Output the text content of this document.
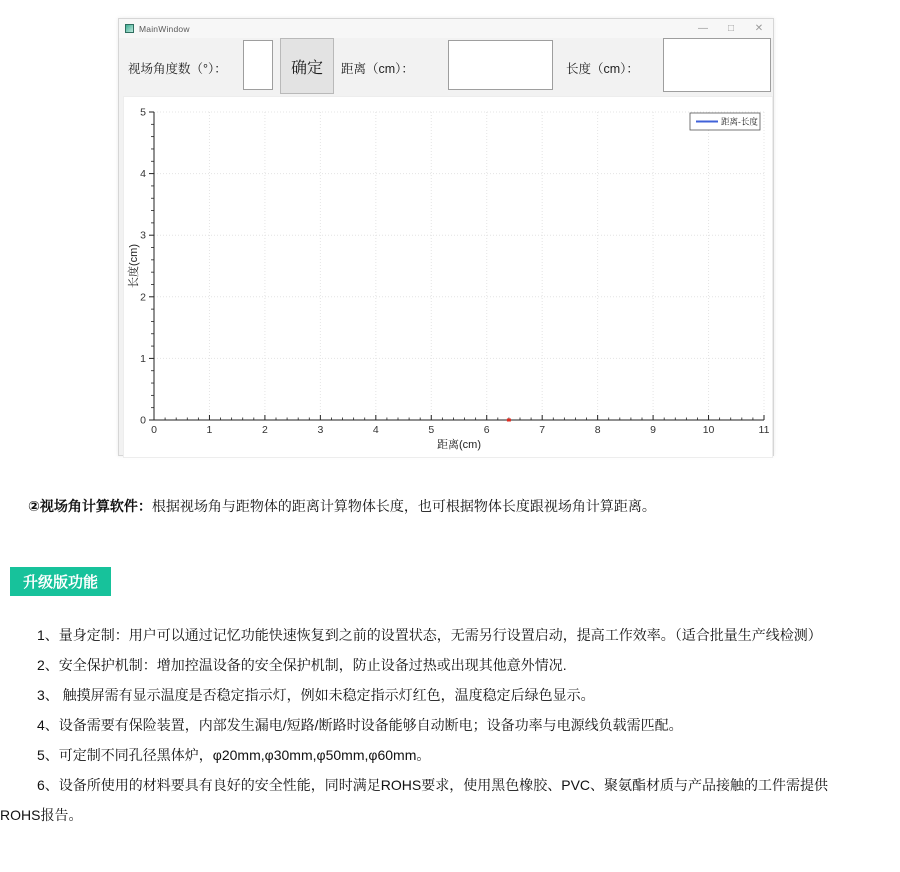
MainWindow	—	□	✕
视场角度数（°）：	确定	距离（cm）：	长度（cm）：
0	1	2	3	4	5	6	7	8	9	10	11
0
1
2
3
4
5
距离(cm)
长度(cm)
距离-长度
②视场角计算软件：根据视场角与距物体的距离计算物体长度，也可根据物体长度跟视场角计算距离。
升级版功能

1、量身定制：用户可以通过记忆功能快速恢复到之前的设置状态，无需另行设置启动，提高工作效率。（适合批量生产线检测）

2、安全保护机制：增加控温设备的安全保护机制，防止设备过热或出现其他意外情况.

3、 触摸屏需有显示温度是否稳定指示灯，例如未稳定指示灯红色，温度稳定后绿色显示。

4、设备需要有保险装置，内部发生漏电/短路/断路时设备能够自动断电；设备功率与电源线负载需匹配。

5、可定制不同孔径黑体炉，φ20mm,φ30mm,φ50mm,φ60mm。

6、设备所使用的材料要具有良好的安全性能，同时满足ROHS要求，使用黑色橡胶、PVC、聚氨酯材质与产品接触的工件需提供ROHS报告。
